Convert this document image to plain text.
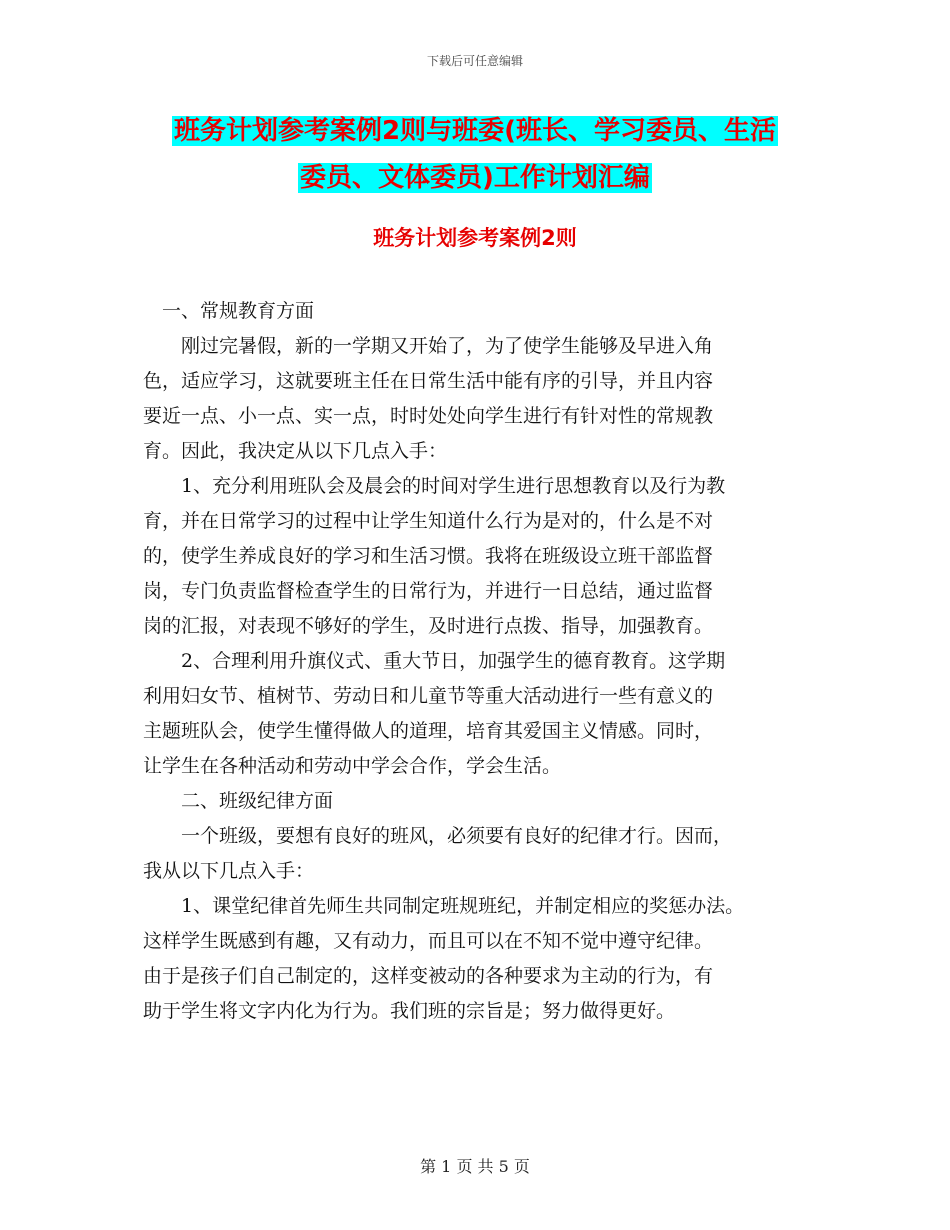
下载后可任意编辑
班务计划参考案例2则与班委(班长、学习委员、生活
委员、文体委员)工作计划汇编
班务计划参考案例2则

　一、常规教育方面

　　刚过完暑假，新的一学期又开始了，为了使学生能够及早进入角

色，适应学习，这就要班主任在日常生活中能有序的引导，并且内容

要近一点、小一点、实一点，时时处处向学生进行有针对性的常规教

育。因此，我决定从以下几点入手：

　　1、充分利用班队会及晨会的时间对学生进行思想教育以及行为教

育，并在日常学习的过程中让学生知道什么行为是对的，什么是不对

的，使学生养成良好的学习和生活习惯。我将在班级设立班干部监督

岗，专门负责监督检查学生的日常行为，并进行一日总结，通过监督

岗的汇报，对表现不够好的学生，及时进行点拨、指导，加强教育。

　　2、合理利用升旗仪式、重大节日，加强学生的德育教育。这学期

利用妇女节、植树节、劳动日和儿童节等重大活动进行一些有意义的

主题班队会，使学生懂得做人的道理，培育其爱国主义情感。同时，

让学生在各种活动和劳动中学会合作，学会生活。

　　二、班级纪律方面

　　一个班级，要想有良好的班风，必须要有良好的纪律才行。因而，

我从以下几点入手：

　　1、课堂纪律首先师生共同制定班规班纪，并制定相应的奖惩办法。

这样学生既感到有趣，又有动力，而且可以在不知不觉中遵守纪律。

由于是孩子们自己制定的，这样变被动的各种要求为主动的行为，有

助于学生将文字内化为行为。我们班的宗旨是；努力做得更好。

第 1 页 共 5 页
